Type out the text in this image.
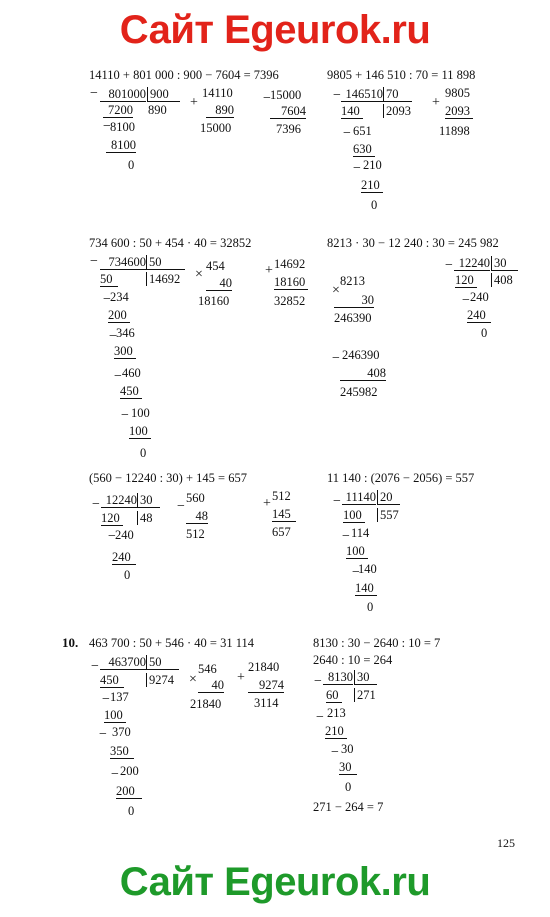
Сайт Egeurok.ru
14110 + 801 000 : 900 − 7604 = 7396
− 801000 900
7200 890
− 8100
8100
0
+
14110
890
15000
− 15000
7604
7396
9805 + 146 510 : 70 = 11 898
− 146510 70
140 2093
− 651
630
− 210
210
0
+
9805
2093
11898
734 600 : 50 + 454 · 40 = 32852
− 734600 50
50	14692
− 234
200
− 346
300
− 460
450
− 100
100
0
×
454
40
18160
+ 14692
18160
32852
8213 · 30 − 12 240 : 30 = 245 982
×
8213
30
246390
− 12240 30
120 408
− 240
240
0
− 246390
408
245982
(560 − 12240 : 30) + 145 = 657
− 12240 30
120 48
− 240
240
0
−
560
48
512
+ 512
145
657
11 140 : (2076 − 2056) = 557
− 11140 20
100 557
− 114
100
−
140
140
0
10. 463 700 : 50 + 546 · 40 = 31 114
− 463700 50
450	9274
− 137
100
− 370
350
− 200
200
0
×
546
40
21840
+
21840
9274
3114
8130 : 30 − 2640 : 10 = 7
2640 : 10 = 264
− 8130 30
60 271
− 213
210
− 30
30
0
271 − 264 = 7
125
Сайт Egeurok.ru
